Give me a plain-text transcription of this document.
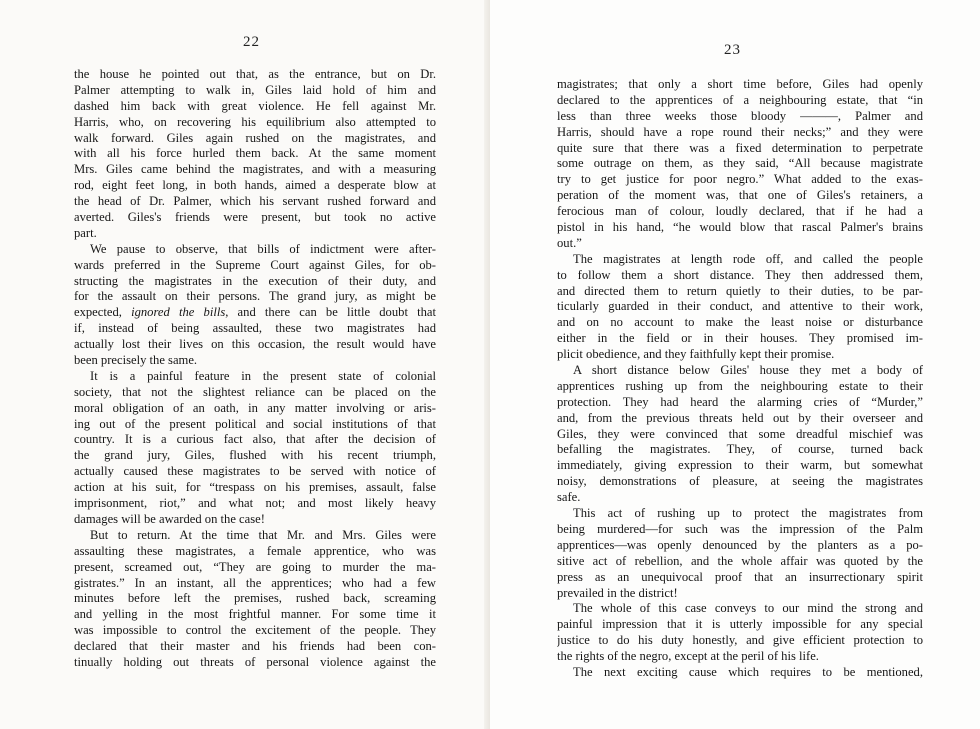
22
the house he pointed out that, as the entrance, but on Dr.
Palmer attempting to walk in, Giles laid hold of him and
dashed him back with great violence. He fell against Mr.
Harris, who, on recovering his equilibrium also attempted to
walk forward. Giles again rushed on the magistrates, and
with all his force hurled them back. At the same moment
Mrs. Giles came behind the magistrates, and with a measuring
rod, eight feet long, in both hands, aimed a desperate blow at
the head of Dr. Palmer, which his servant rushed forward and
averted. Giles's friends were present, but took no active
part.
We pause to observe, that bills of indictment were after-
wards preferred in the Supreme Court against Giles, for ob-
structing the magistrates in the execution of their duty, and
for the assault on their persons. The grand jury, as might be
expected, ignored the bills, and there can be little doubt that
if, instead of being assaulted, these two magistrates had
actually lost their lives on this occasion, the result would have
been precisely the same.
It is a painful feature in the present state of colonial
society, that not the slightest reliance can be placed on the
moral obligation of an oath, in any matter involving or aris-
ing out of the present political and social institutions of that
country. It is a curious fact also, that after the decision of
the grand jury, Giles, flushed with his recent triumph,
actually caused these magistrates to be served with notice of
action at his suit, for “trespass on his premises, assault, false
imprisonment, riot,” and what not; and most likely heavy
damages will be awarded on the case!
But to return. At the time that Mr. and Mrs. Giles were
assaulting these magistrates, a female apprentice, who was
present, screamed out, “They are going to murder the ma-
gistrates.” In an instant, all the apprentices; who had a few
minutes before left the premises, rushed back, screaming
and yelling in the most frightful manner. For some time it
was impossible to control the excitement of the people. They
declared that their master and his friends had been con-
tinually holding out threats of personal violence against the
23
magistrates; that only a short time before, Giles had openly
declared to the apprentices of a neighbouring estate, that “in
less than three weeks those bloody ———, Palmer and
Harris, should have a rope round their necks;” and they were
quite sure that there was a fixed determination to perpetrate
some outrage on them, as they said, “All because magistrate
try to get justice for poor negro.” What added to the exas-
peration of the moment was, that one of Giles's retainers, a
ferocious man of colour, loudly declared, that if he had a
pistol in his hand, “he would blow that rascal Palmer's brains
out.”
The magistrates at length rode off, and called the people
to follow them a short distance. They then addressed them,
and directed them to return quietly to their duties, to be par-
ticularly guarded in their conduct, and attentive to their work,
and on no account to make the least noise or disturbance
either in the field or in their houses. They promised im-
plicit obedience, and they faithfully kept their promise.
A short distance below Giles' house they met a body of
apprentices rushing up from the neighbouring estate to their
protection. They had heard the alarming cries of “Murder,”
and, from the previous threats held out by their overseer and
Giles, they were convinced that some dreadful mischief was
befalling the magistrates. They, of course, turned back
immediately, giving expression to their warm, but somewhat
noisy, demonstrations of pleasure, at seeing the magistrates
safe.
This act of rushing up to protect the magistrates from
being murdered—for such was the impression of the Palm
apprentices—was openly denounced by the planters as a po-
sitive act of rebellion, and the whole affair was quoted by the
press as an unequivocal proof that an insurrectionary spirit
prevailed in the district!
The whole of this case conveys to our mind the strong and
painful impression that it is utterly impossible for any special
justice to do his duty honestly, and give efficient protection to
the rights of the negro, except at the peril of his life.
The next exciting cause which requires to be mentioned,
